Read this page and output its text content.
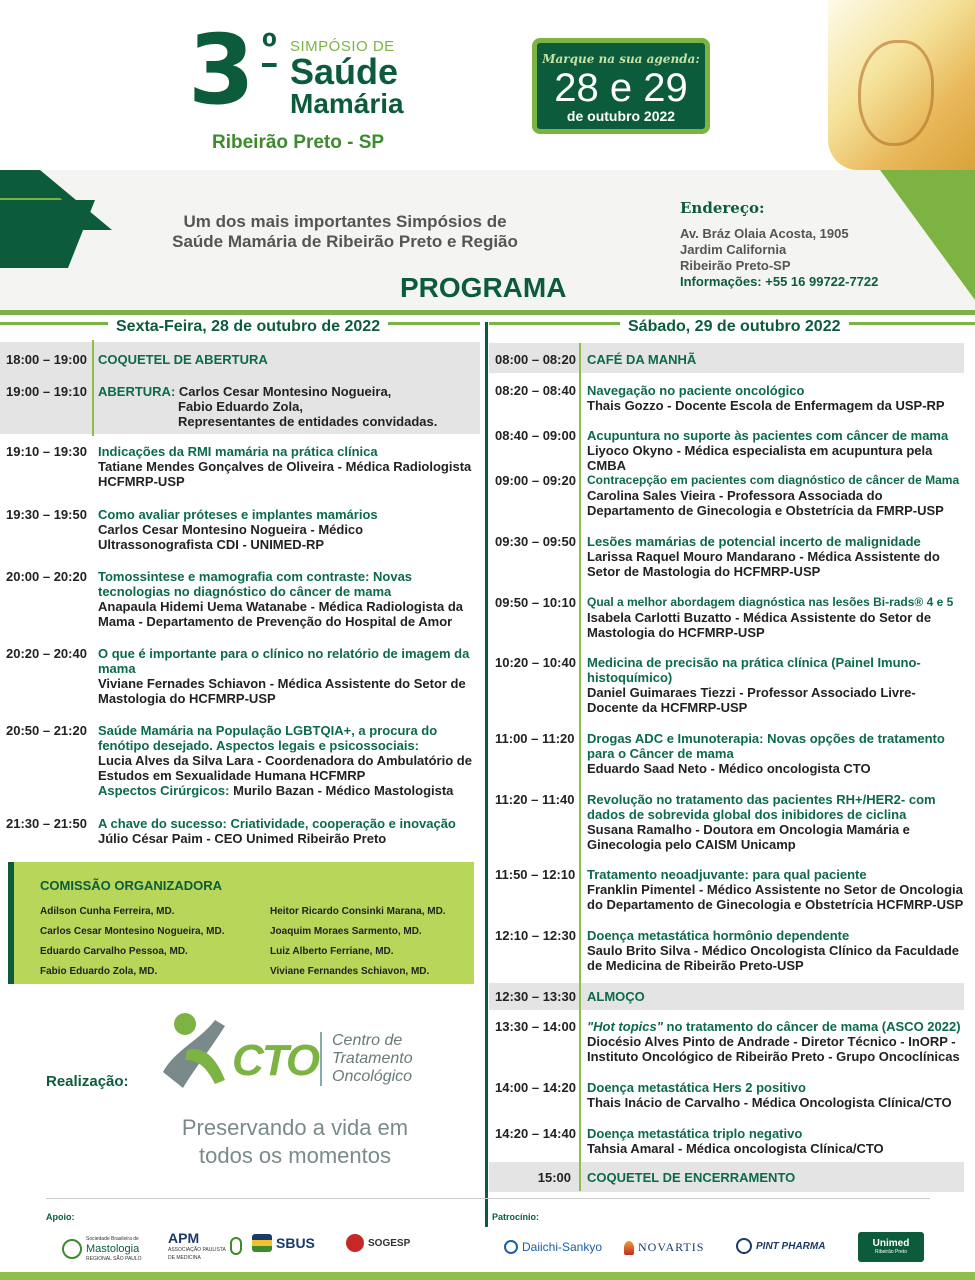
3 º SIMPÓSIO DE
Saúde
Mamária
Ribeirão Preto - SP
Marque na sua agenda:
28 e 29
de outubro 2022
Um dos mais importantes Simpósios de
Saúde Mamária de Ribeirão Preto e Região
PROGRAMA
Endereço:
Av. Bráz Olaia Acosta, 1905
Jardim California
Ribeirão Preto-SP
Informações: +55 16 99722-7722
Sexta-Feira, 28 de outubro de 2022	Sábado, 29 de outubro 2022
18:00 – 19:00 COQUETEL DE ABERTURA
19:00 – 19:10 ABERTURA: Carlos Cesar Montesino Nogueira,
Fabio Eduardo Zola,
Representantes de entidades convidadas.
19:10 – 19:30 Indicações da RMI mamária na prática clínica
Tatiane Mendes Gonçalves de Oliveira - Médica Radiologista HCFMRP-USP
19:30 – 19:50 Como avaliar próteses e implantes mamários
Carlos Cesar Montesino Nogueira - Médico Ultrassonografista CDI - UNIMED-RP
20:00 – 20:20 Tomossintese e mamografia com contraste: Novas tecnologias no diagnóstico do câncer de mama
Anapaula Hidemi Uema Watanabe - Médica Radiologista da Mama - Departamento de Prevenção do Hospital de Amor
20:20 – 20:40 O que é importante para o clínico no relatório de imagem da mama
Viviane Fernades Schiavon - Médica Assistente do Setor de Mastologia do HCFMRP-USP
20:50 – 21:20 Saúde Mamária na População LGBTQIA+, a procura do fenótipo desejado. Aspectos legais e psicossociais:
Lucia Alves da Silva Lara - Coordenadora do Ambulatório de Estudos em Sexualidade Humana HCFMRP
Aspectos Cirúrgicos: Murilo Bazan - Médico Mastologista
21:30 – 21:50 A chave do sucesso: Criatividade, cooperação e inovação
Júlio César Paim - CEO Unimed Ribeirão Preto
COMISSÃO ORGANIZADORA
Adilson Cunha Ferreira, MD.
Carlos Cesar Montesino Nogueira, MD.
Eduardo Carvalho Pessoa, MD.
Fabio Eduardo Zola, MD.
Heitor Ricardo Consinki Marana, MD.
Joaquim Moraes Sarmento, MD.
Luiz Alberto Ferriane, MD.
Viviane Fernandes Schiavon, MD.
Realização: CTO Centro de
Tratamento
Oncológico
Preservando a vida em
todos os momentos
08:00 – 08:20 CAFÉ DA MANHÃ
08:20 – 08:40 Navegação no paciente oncológico
Thais Gozzo - Docente Escola de Enfermagem da USP-RP
08:40 – 09:00 Acupuntura no suporte às pacientes com câncer de mama
Liyoco Okyno - Médica especialista em acupuntura pela CMBA
09:00 – 09:20 Contracepção em pacientes com diagnóstico de câncer de Mama
Carolina Sales Vieira - Professora Associada do Departamento de Ginecologia e Obstetrícia da FMRP-USP
09:30 – 09:50 Lesões mamárias de potencial incerto de malignidade
Larissa Raquel Mouro Mandarano - Médica Assistente do Setor de Mastologia do HCFMRP-USP
09:50 – 10:10 Qual a melhor abordagem diagnóstica nas lesões Bi-rads® 4 e 5
Isabela Carlotti Buzatto - Médica Assistente do Setor de Mastologia do HCFMRP-USP
10:20 – 10:40 Medicina de precisão na prática clínica (Painel Imuno-histoquímico)
Daniel Guimaraes Tiezzi - Professor Associado Livre-Docente da HCFMRP-USP
11:00 – 11:20 Drogas ADC e Imunoterapia: Novas opções de tratamento para o Câncer de mama
Eduardo Saad Neto - Médico oncologista CTO
11:20 – 11:40 Revolução no tratamento das pacientes RH+/HER2- com dados de sobrevida global dos inibidores de ciclina
Susana Ramalho - Doutora em Oncologia Mamária e Ginecologia pelo CAISM Unicamp
11:50 – 12:10 Tratamento neoadjuvante: para qual paciente
Franklin Pimentel - Médico Assistente no Setor de Oncologia do Departamento de Ginecologia e Obstetrícia HCFMRP-USP
12:10 – 12:30 Doença metastática hormônio dependente
Saulo Brito Silva - Médico Oncologista Clínico da Faculdade de Medicina de Ribeirão Preto-USP
12:30 – 13:30 ALMOÇO
13:30 – 14:00 "Hot topics" no tratamento do câncer de mama (ASCO 2022)
Diocésio Alves Pinto de Andrade - Diretor Técnico - InORP - Instituto Oncológico de Ribeirão Preto - Grupo Oncoclínicas
14:00 – 14:20 Doença metastática Hers 2 positivo
Thais Inácio de Carvalho - Médica Oncologista Clínica/CTO
14:20 – 14:40 Doença metastática triplo negativo
Tahsia Amaral - Médica oncologista Clínica/CTO
15:00	COQUETEL DE ENCERRAMENTO
Apoio:	Patrocínio:
Sociedade Brasileira de
Mastologia
REGIONAL SÃO PAULO
APM
ASSOCIAÇÃO PAULISTA
DE MEDICINA
SBUS	SOGESP	Daiichi-Sankyo	NOVARTIS	PINT PHARMA	Unimed
Ribeirão Preto
